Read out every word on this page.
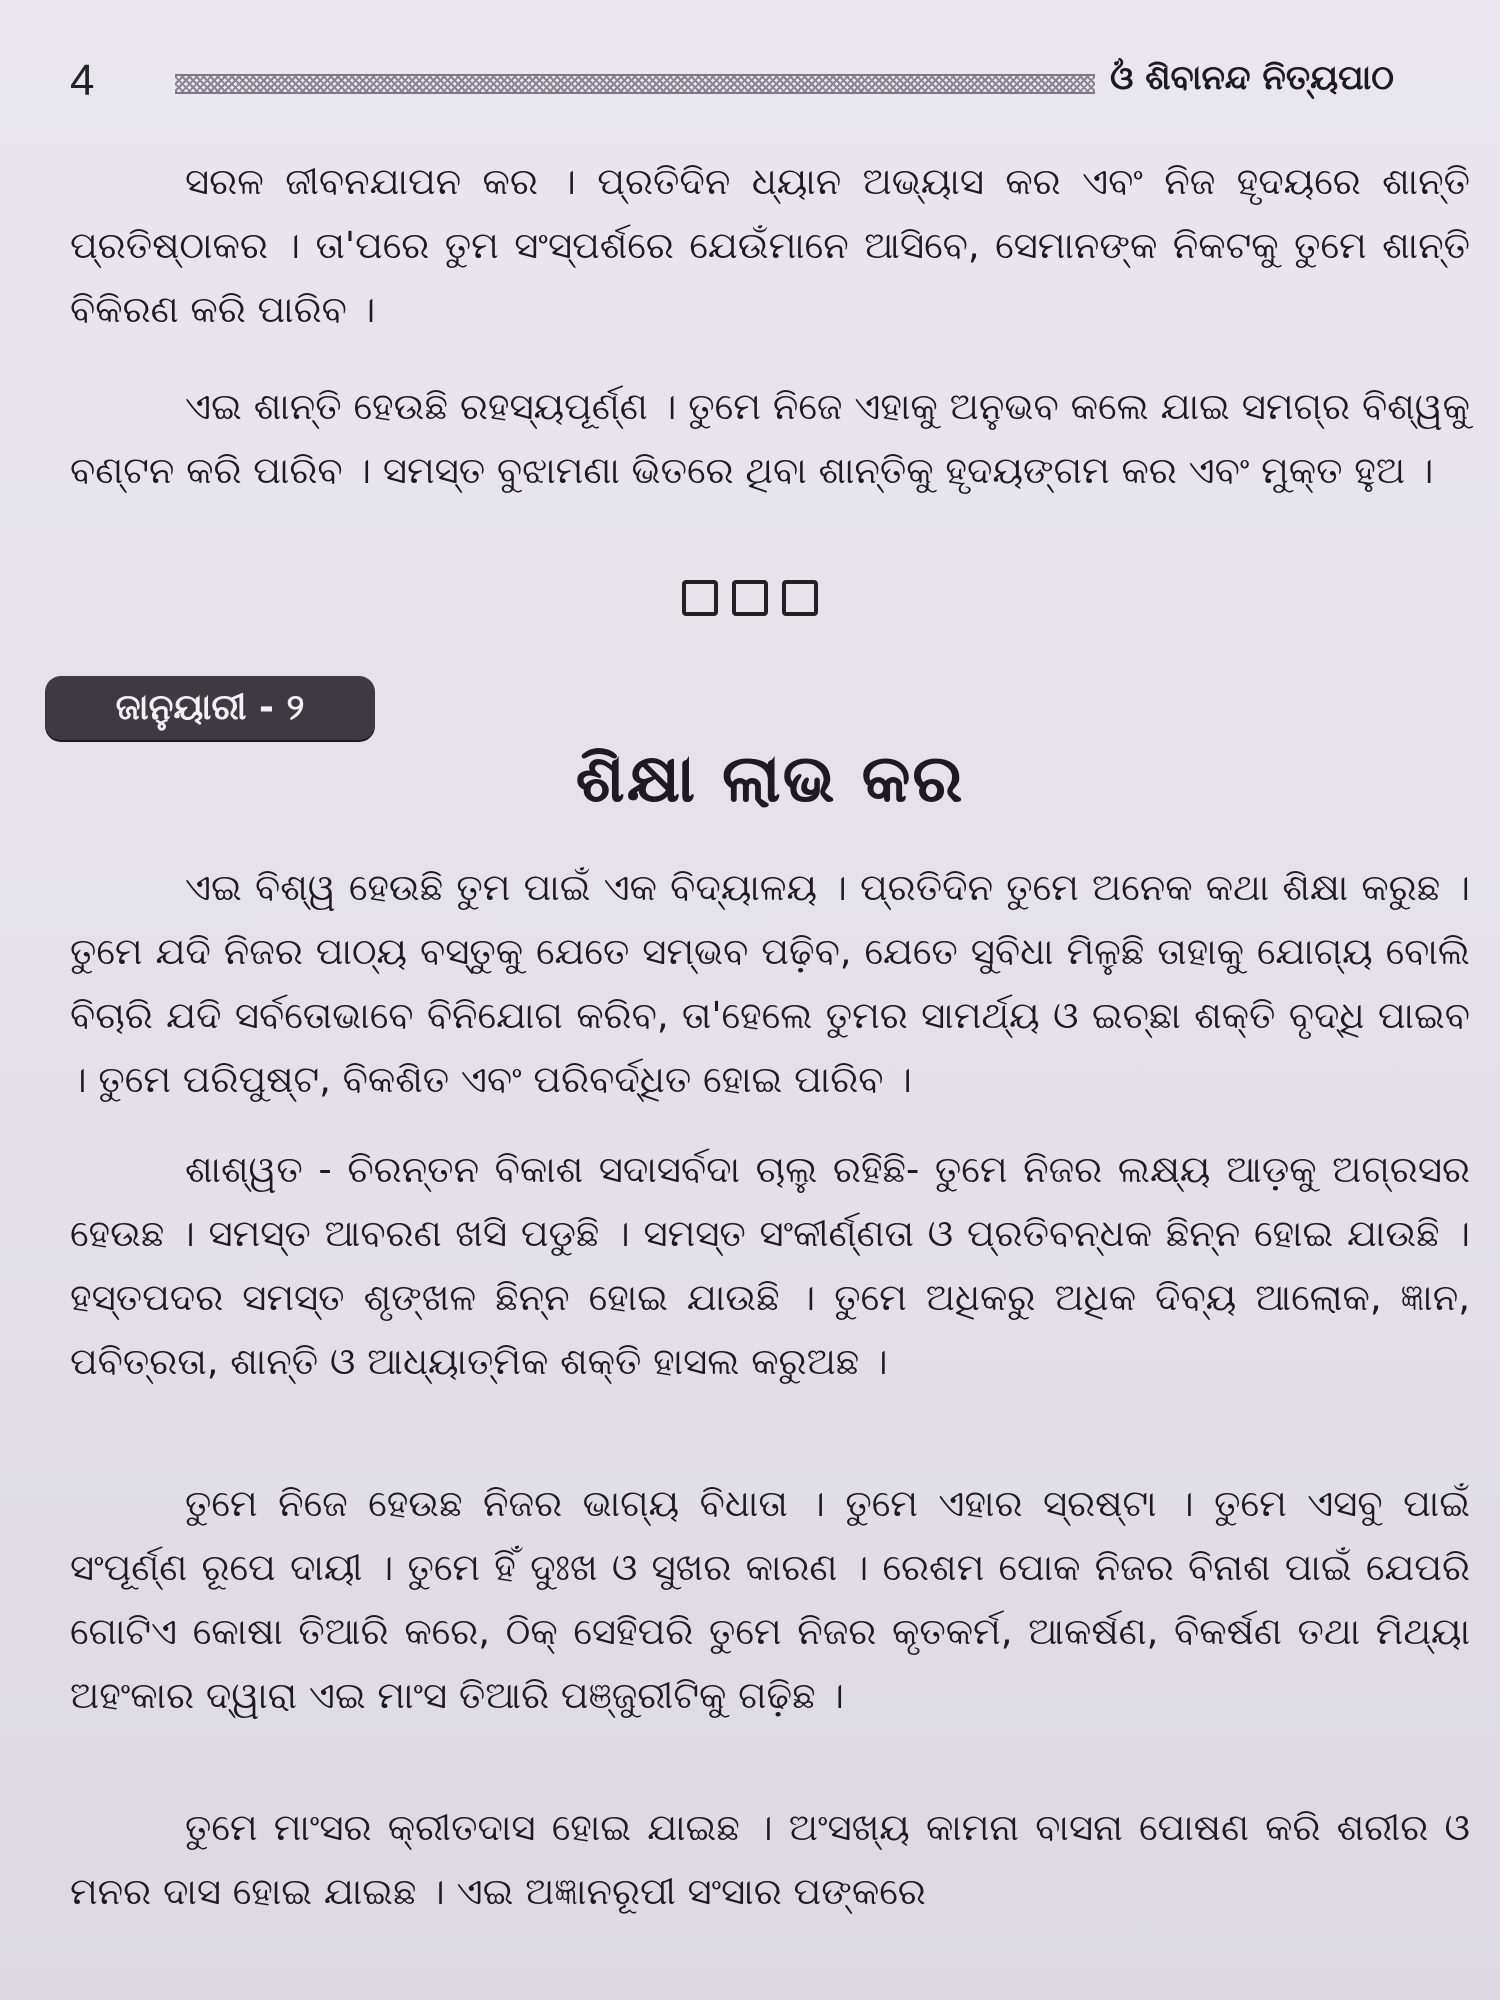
4	ଓଁ ଶିବାନନ୍ଦ ନିତ୍ୟପାଠ

ସରଳ ଜୀବନଯାପନ କର । ପ୍ରତିଦିନ ଧ୍ୟାନ ଅଭ୍ୟାସ କର ଏବଂ ନିଜ ହୃଦୟରେ ଶାନ୍ତି ପ୍ରତିଷ୍ଠାକର । ତା'ପରେ ତୁମ ସଂସ୍ପର୍ଶରେ ଯେଉଁମାନେ ଆସିବେ, ସେମାନଙ୍କ ନିକଟକୁ ତୁମେ ଶାନ୍ତି ବିକିରଣ କରି ପାରିବ ।

ଏଇ ଶାନ୍ତି ହେଉଛି ରହସ୍ୟପୂର୍ଣ୍ଣ । ତୁମେ ନିଜେ ଏହାକୁ ଅନୁଭବ କଲେ ଯାଇ ସମଗ୍ର ବିଶ୍ୱକୁ ବଣ୍ଟନ କରି ପାରିବ । ସମସ୍ତ ବୁଝାମଣା ଭିତରେ ଥିବା ଶାନ୍ତିକୁ ହୃଦୟଙ୍ଗମ କର ଏବଂ ମୁକ୍ତ ହୁଅ ।

ଜାନୁୟାରୀ - ୨
ଶିକ୍ଷା ଲାଭ କର

ଏଇ ବିଶ୍ୱ ହେଉଛି ତୁମ ପାଇଁ ଏକ ବିଦ୍ୟାଳୟ । ପ୍ରତିଦିନ ତୁମେ ଅନେକ କଥା ଶିକ୍ଷା କରୁଛ । ତୁମେ ଯଦି ନିଜର ପାଠ୍ୟ ବସ୍ତୁକୁ ଯେତେ ସମ୍ଭବ ପଢ଼ିବ, ଯେତେ ସୁବିଧା ମିଳୁଛି ତାହାକୁ ଯୋଗ୍ୟ ବୋଲି ବିଚାରି ଯଦି ସର୍ବତୋଭାବେ ବିନିଯୋଗ କରିବ, ତା'ହେଲେ ତୁମର ସାମର୍ଥ୍ୟ ଓ ଇଚ୍ଛା ଶକ୍ତି ବୃଦ୍ଧି ପାଇବ । ତୁମେ ପରିପୁଷ୍ଟ, ବିକଶିତ ଏବଂ ପରିବର୍ଦ୍ଧିତ ହୋଇ ପାରିବ ।

ଶାଶ୍ୱତ - ଚିରନ୍ତନ ବିକାଶ ସଦାସର୍ବଦା ଚାଲୁ ରହିଛି- ତୁମେ ନିଜର ଲକ୍ଷ୍ୟ ଆଡ଼କୁ ଅଗ୍ରସର ହେଉଛ । ସମସ୍ତ ଆବରଣ ଖସି ପଡୁଛି । ସମସ୍ତ ସଂକୀର୍ଣ୍ଣତା ଓ ପ୍ରତିବନ୍ଧକ ଛିନ୍ନ ହୋଇ ଯାଉଛି । ହସ୍ତପଦର ସମସ୍ତ ଶୃଙ୍ଖଳ ଛିନ୍ନ ହୋଇ ଯାଉଛି । ତୁମେ ଅଧିକରୁ ଅଧିକ ଦିବ୍ୟ ଆଲୋକ, ଜ୍ଞାନ, ପବିତ୍ରତା, ଶାନ୍ତି ଓ ଆଧ୍ୟାତ୍ମିକ ଶକ୍ତି ହାସଲ କରୁଅଛ ।

ତୁମେ ନିଜେ ହେଉଛ ନିଜର ଭାଗ୍ୟ ବିଧାତା । ତୁମେ ଏହାର ସ୍ରଷ୍ଟା । ତୁମେ ଏସବୁ ପାଇଁ ସଂପୂର୍ଣ୍ଣ ରୂପେ ଦାୟୀ । ତୁମେ ହିଁ ଦୁଃଖ ଓ ସୁଖର କାରଣ । ରେଶମ ପୋକ ନିଜର ବିନାଶ ପାଇଁ ଯେପରି ଗୋଟିଏ କୋଷା ତିଆରି କରେ, ଠିକ୍ ସେହିପରି ତୁମେ ନିଜର କୃତକର୍ମ, ଆକର୍ଷଣ, ବିକର୍ଷଣ ତଥା ମିଥ୍ୟା ଅହଂକାର ଦ୍ୱାରା ଏଇ ମାଂସ ତିଆରି ପଞ୍ଜୁରୀଟିକୁ ଗଢ଼ିଛ ।

ତୁମେ ମାଂସର କ୍ରୀତଦାସ ହୋଇ ଯାଇଛ । ଅଂସଖ୍ୟ କାମନା ବାସନା ପୋଷଣ କରି ଶରୀର ଓ ମନର ଦାସ ହୋଇ ଯାଇଛ । ଏଇ ଅଜ୍ଞାନରୂପୀ ସଂସାର ପଙ୍କରେ
